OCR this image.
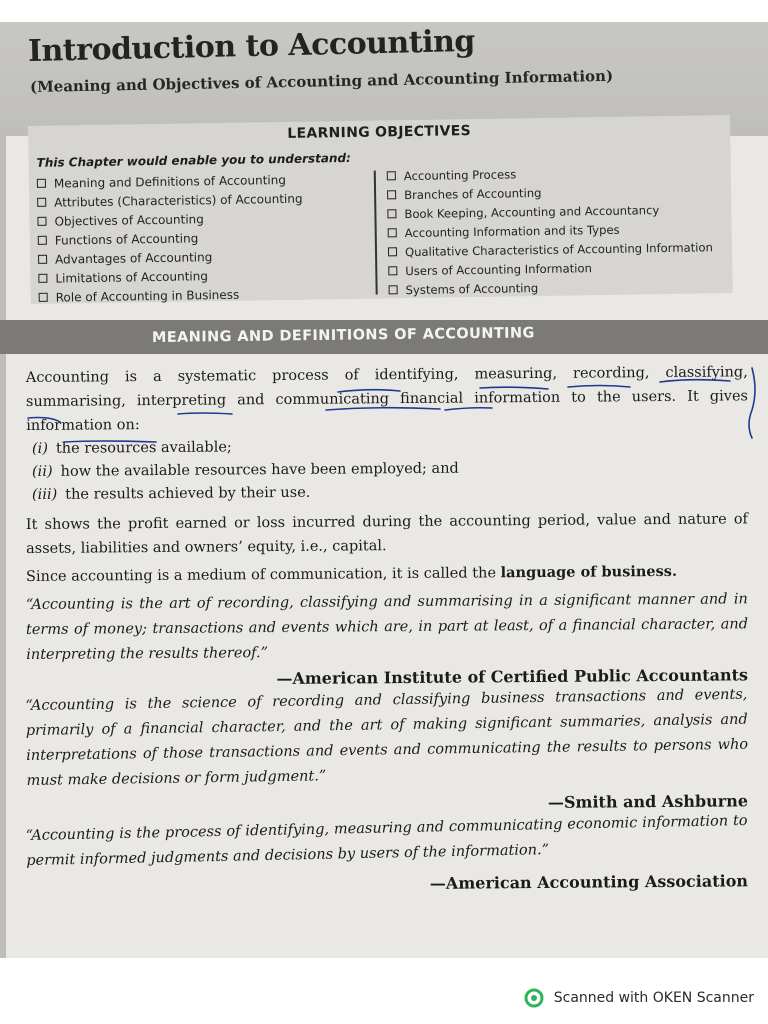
Introduction to Accounting
(Meaning and Objectives of Accounting and Accounting Information)
LEARNING OBJECTIVES
This Chapter would enable you to understand:
Meaning and Definitions of Accounting
Attributes (Characteristics) of Accounting
Objectives of Accounting
Functions of Accounting
Advantages of Accounting
Limitations of Accounting
Role of Accounting in Business
Accounting Process
Branches of Accounting
Book Keeping, Accounting and Accountancy
Accounting Information and its Types
Qualitative Characteristics of Accounting Information
Users of Accounting Information
Systems of Accounting
MEANING AND DEFINITIONS OF ACCOUNTING

Accounting is a systematic process of identifying, measuring, recording, classifying, summarising, interpreting and communicating financial information to the users. It gives information on:

(i) the resources available;

(ii) how the available resources have been employed; and

(iii) the results achieved by their use.

It shows the profit earned or loss incurred during the accounting period, value and nature of assets, liabilities and owners’ equity, i.e., capital.

Since accounting is a medium of communication, it is called the language of business.

“Accounting is the art of recording, classifying and summarising in a significant manner and in terms of money; transactions and events which are, in part at least, of a financial character, and interpreting the results thereof.”

—American Institute of Certified Public Accountants

“Accounting is the science of recording and classifying business transactions and events, primarily of a financial character, and the art of making significant summaries, analysis and interpretations of those transactions and events and communicating the results to persons who must make decisions or form judgment.”

—Smith and Ashburne

“Accounting is the process of identifying, measuring and communicating economic information to permit informed judgments and decisions by users of the information.”

—American Accounting Association

Scanned with OKEN Scanner
